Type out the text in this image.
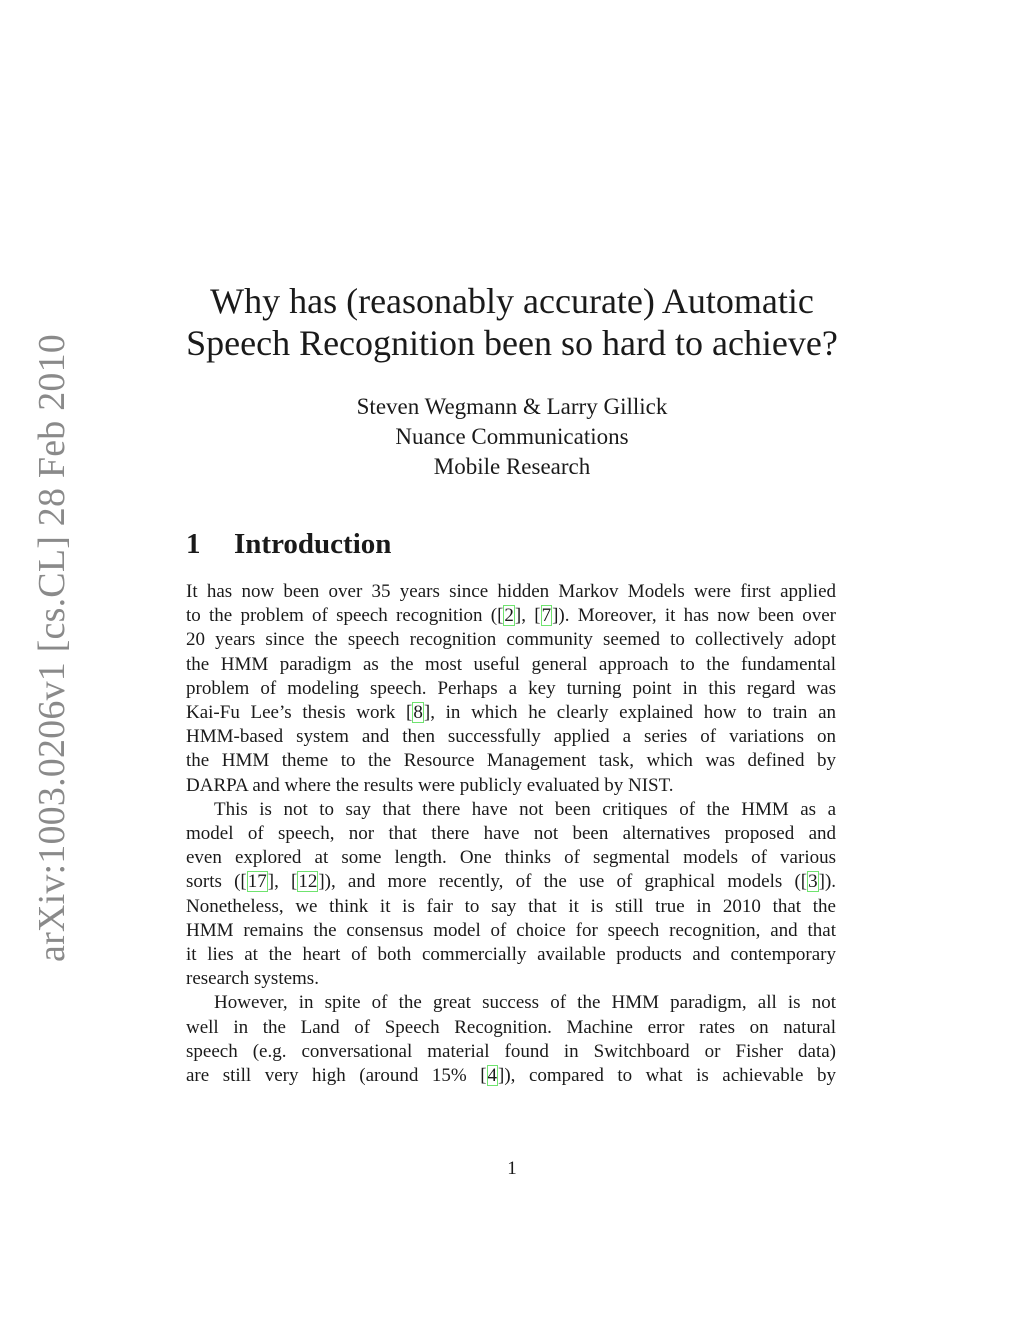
arXiv:1003.0206v1 [cs.CL] 28 Feb 2010
Why has (reasonably accurate) Automatic
Speech Recognition been so hard to achieve?
Steven Wegmann & Larry Gillick
Nuance Communications
Mobile Research
1 Introduction

It has now been over 35 years since hidden Markov Models were first applied
to the problem of speech recognition ([2], [7]). Moreover, it has now been over
20 years since the speech recognition community seemed to collectively adopt
the HMM paradigm as the most useful general approach to the fundamental
problem of modeling speech. Perhaps a key turning point in this regard was
Kai-Fu Lee’s thesis work [8], in which he clearly explained how to train an
HMM-based system and then successfully applied a series of variations on
the HMM theme to the Resource Management task, which was defined by
DARPA and where the results were publicly evaluated by NIST.

This is not to say that there have not been critiques of the HMM as a
model of speech, nor that there have not been alternatives proposed and
even explored at some length. One thinks of segmental models of various
sorts ([17], [12]), and more recently, of the use of graphical models ([3]).
Nonetheless, we think it is fair to say that it is still true in 2010 that the
HMM remains the consensus model of choice for speech recognition, and that
it lies at the heart of both commercially available products and contemporary
research systems.

However, in spite of the great success of the HMM paradigm, all is not
well in the Land of Speech Recognition. Machine error rates on natural
speech (e.g. conversational material found in Switchboard or Fisher data)
are still very high (around 15% [4]), compared to what is achievable by

1
